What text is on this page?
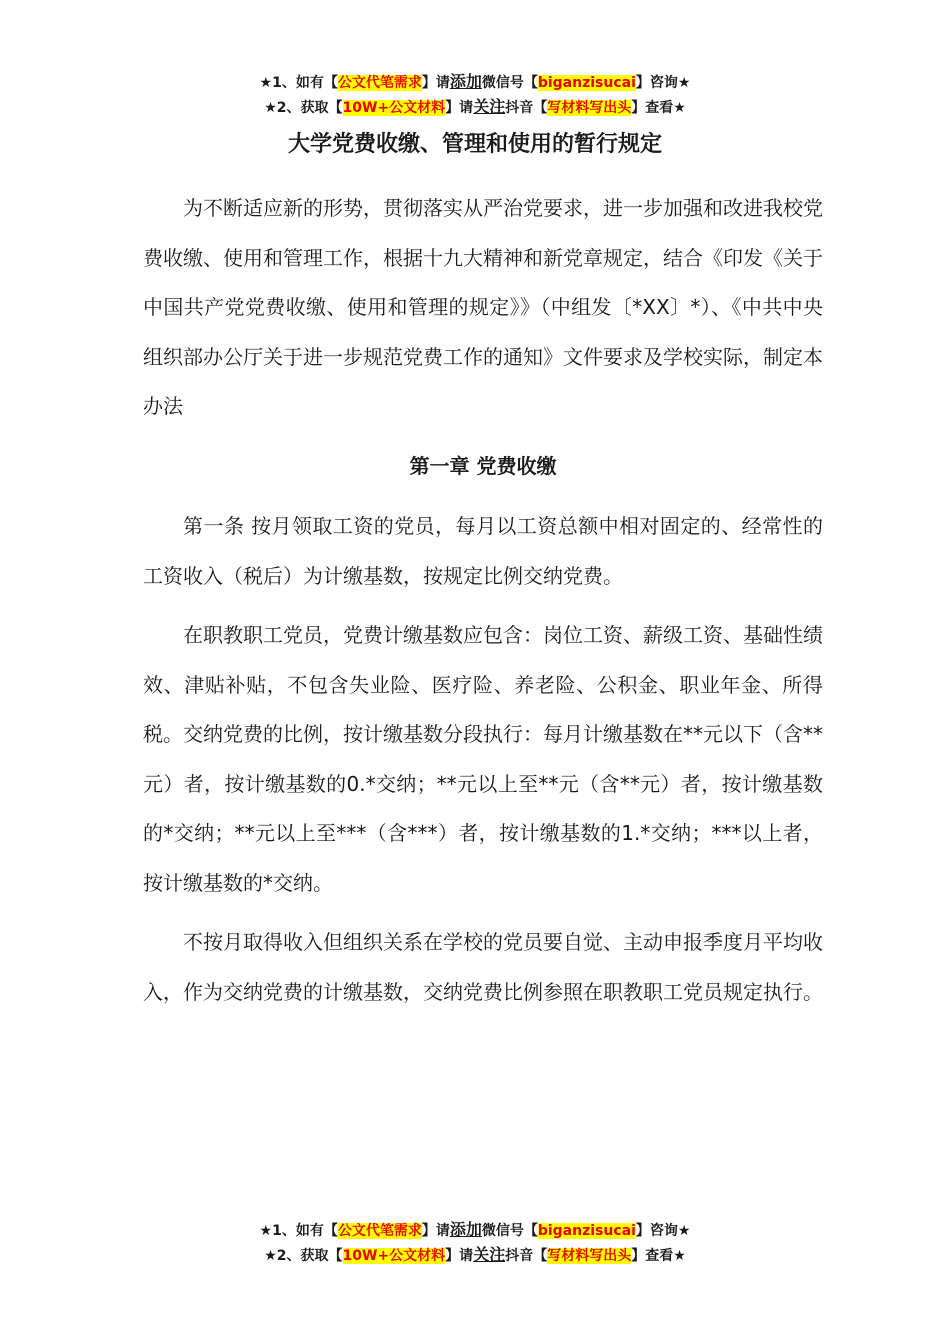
★1、如有【公文代笔需求】请添加微信号【biganzisucai】咨询★
★2、获取【10W+公文材料】请关注抖音【写材料写出头】查看★
大学党费收缴、管理和使用的暂行规定

为不断适应新的形势，贯彻落实从严治党要求，进一步加强和改进我校党费收缴、使用和管理工作，根据十九大精神和新党章规定，结合《印发《关于中国共产党党费收缴、使用和管理的规定》》（中组发〔*XX〕*）、《中共中央组织部办公厅关于进一步规范党费工作的通知》文件要求及学校实际，制定本办法

第一章 党费收缴

第一条 按月领取工资的党员，每月以工资总额中相对固定的、经常性的工资收入（税后）为计缴基数，按规定比例交纳党费。

在职教职工党员，党费计缴基数应包含：岗位工资、薪级工资、基础性绩效、津贴补贴，不包含失业险、医疗险、养老险、公积金、职业年金、所得税。交纳党费的比例，按计缴基数分段执行：每月计缴基数在**元以下（含**元）者，按计缴基数的0.*交纳；**元以上至**元（含**元）者，按计缴基数的*交纳；**元以上至***（含***）者，按计缴基数的1.*交纳；***以上者，按计缴基数的*交纳。

不按月取得收入但组织关系在学校的党员要自觉、主动申报季度月平均收入，作为交纳党费的计缴基数，交纳党费比例参照在职教职工党员规定执行。

★1、如有【公文代笔需求】请添加微信号【biganzisucai】咨询★
★2、获取【10W+公文材料】请关注抖音【写材料写出头】查看★
